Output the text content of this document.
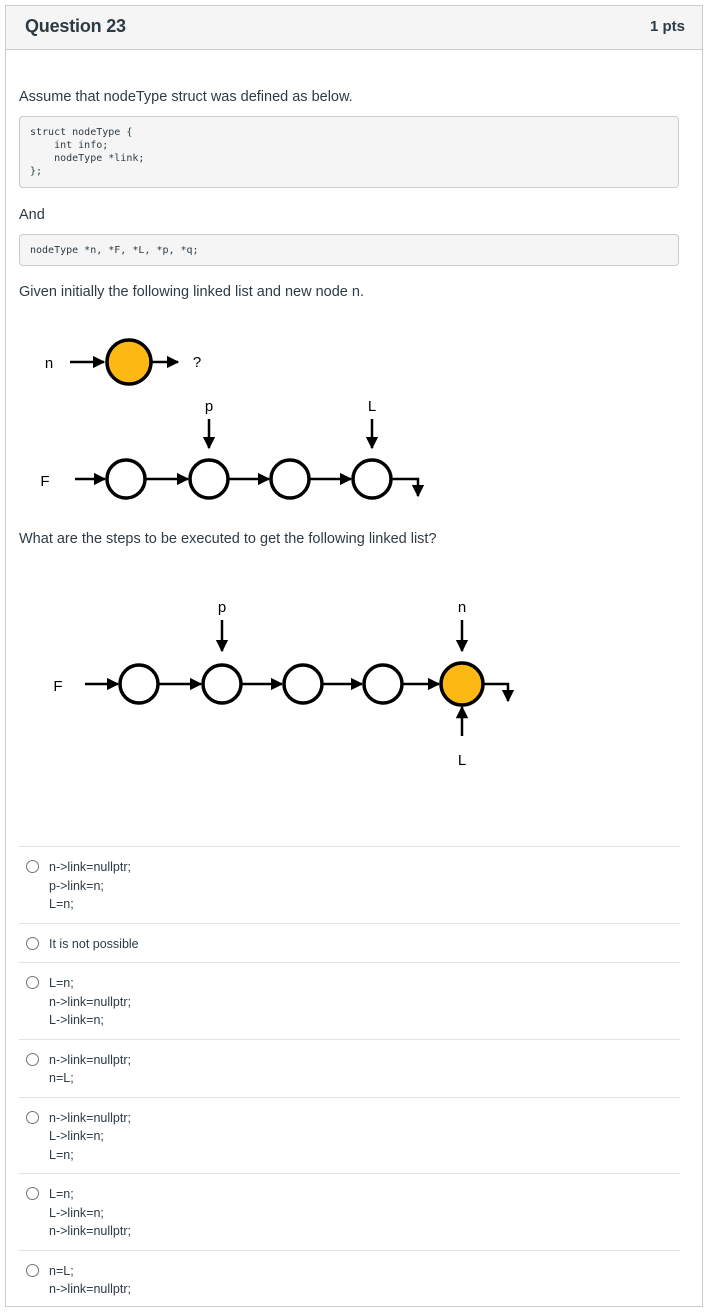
Question 23	1 pts
Assume that nodeType struct was defined as below.
struct nodeType {
int info;
nodeType *link;
};
And
nodeType *n, *F, *L, *p, *q;
Given initially the following linked list and new node n.
n	?
p	L
F
What are the steps to be executed to get the following linked list?
p	n
F
L
n->link=nullptr;
p->link=n;
L=n;
It is not possible
L=n;
n->link=nullptr;
L->link=n;
n->link=nullptr;
n=L;
n->link=nullptr;
L->link=n;
L=n;
L=n;
L->link=n;
n->link=nullptr;
n=L;
n->link=nullptr;
